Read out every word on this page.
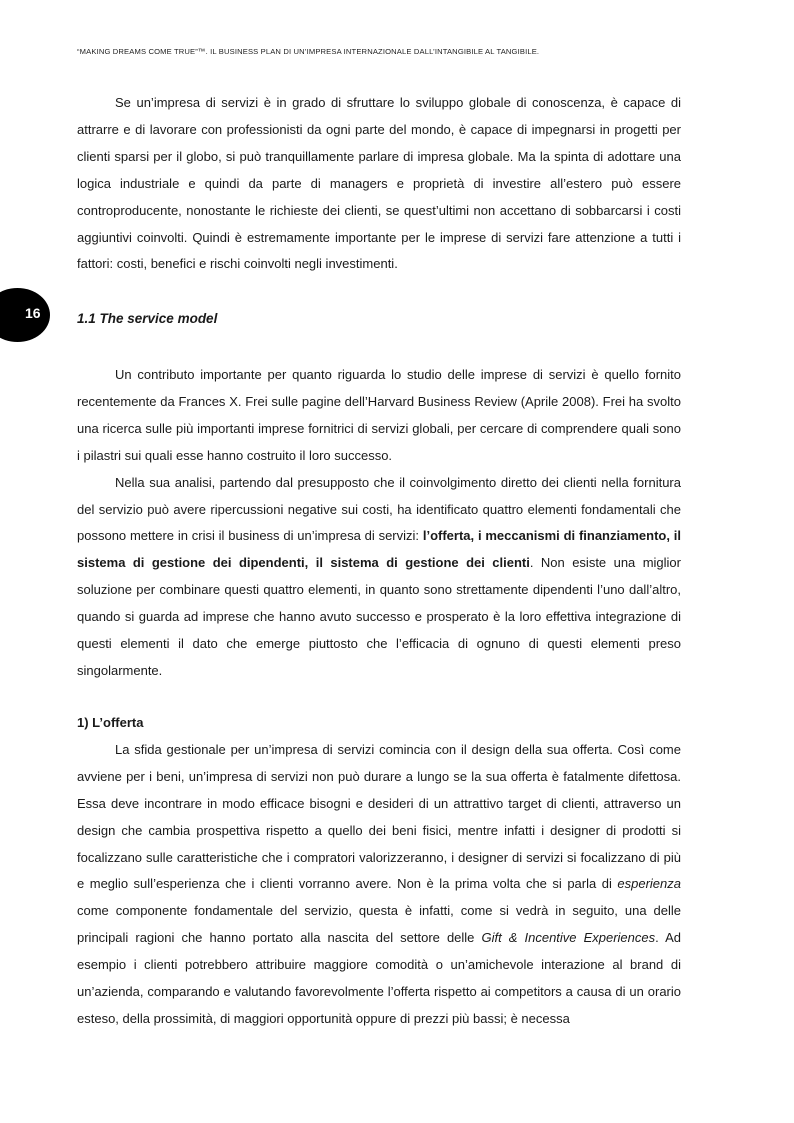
“MAKING DREAMS COME TRUE”™. IL BUSINESS PLAN DI UN’IMPRESA INTERNAZIONALE DALL’INTANGIBILE AL TANGIBILE.
16

Se un’impresa di servizi è in grado di sfruttare lo sviluppo globale di conoscenza, è capace di attrarre e di lavorare con professionisti da ogni parte del mondo, è capace di impegnarsi in progetti per clienti sparsi per il globo, si può tranquillamente parlare di impresa globale. Ma la spinta di adottare una logica industriale e quindi da parte di managers e proprietà di investire all’estero può essere controproducente, nonostante le richieste dei clienti, se quest’ultimi non accettano di sobbarcarsi i costi aggiuntivi coinvolti. Quindi è estremamente importante per le imprese di servizi fare attenzione a tutti i fattori: costi, benefici e rischi coinvolti negli investimenti.

1.1 The service model

Un contributo importante per quanto riguarda lo studio delle imprese di servizi è quello fornito recentemente da Frances X. Frei sulle pagine dell’Harvard Business Review (Aprile 2008). Frei ha svolto una ricerca sulle più importanti imprese fornitrici di servizi globali, per cercare di comprendere quali sono i pilastri sui quali esse hanno costruito il loro successo.

Nella sua analisi, partendo dal presupposto che il coinvolgimento diretto dei clienti nella fornitura del servizio può avere ripercussioni negative sui costi, ha identificato quattro elementi fondamentali che possono mettere in crisi il business di un’impresa di servizi: l’offerta, i meccanismi di finanziamento, il sistema di gestione dei dipendenti, il sistema di gestione dei clienti. Non esiste una miglior soluzione per combinare questi quattro elementi, in quanto sono strettamente dipendenti l’uno dall’altro, quando si guarda ad imprese che hanno avuto successo e prosperato è la loro effettiva integrazione di questi elementi il dato che emerge piuttosto che l’efficacia di ognuno di questi elementi preso singolarmente.

1) L’offerta

La sfida gestionale per un’impresa di servizi comincia con il design della sua offerta. Così come avviene per i beni, un’impresa di servizi non può durare a lungo se la sua offerta è fatalmente difettosa. Essa deve incontrare in modo efficace bisogni e desideri di un attrattivo target di clienti, attraverso un design che cambia prospettiva rispetto a quello dei beni fisici, mentre infatti i designer di prodotti si focalizzano sulle caratteristiche che i compratori valorizzeranno, i designer di servizi si focalizzano di più e meglio sull’esperienza che i clienti vorranno avere. Non è la prima volta che si parla di esperienza come componente fondamentale del servizio, questa è infatti, come si vedrà in seguito, una delle principali ragioni che hanno portato alla nascita del settore delle Gift & Incentive Experiences. Ad esempio i clienti potrebbero attribuire maggiore comodità o un’amichevole interazione al brand di un’azienda, comparando e valutando favorevolmente l’offerta rispetto ai competitors a causa di un orario esteso, della prossimità, di maggiori opportunità oppure di prezzi più bassi; è necessa
